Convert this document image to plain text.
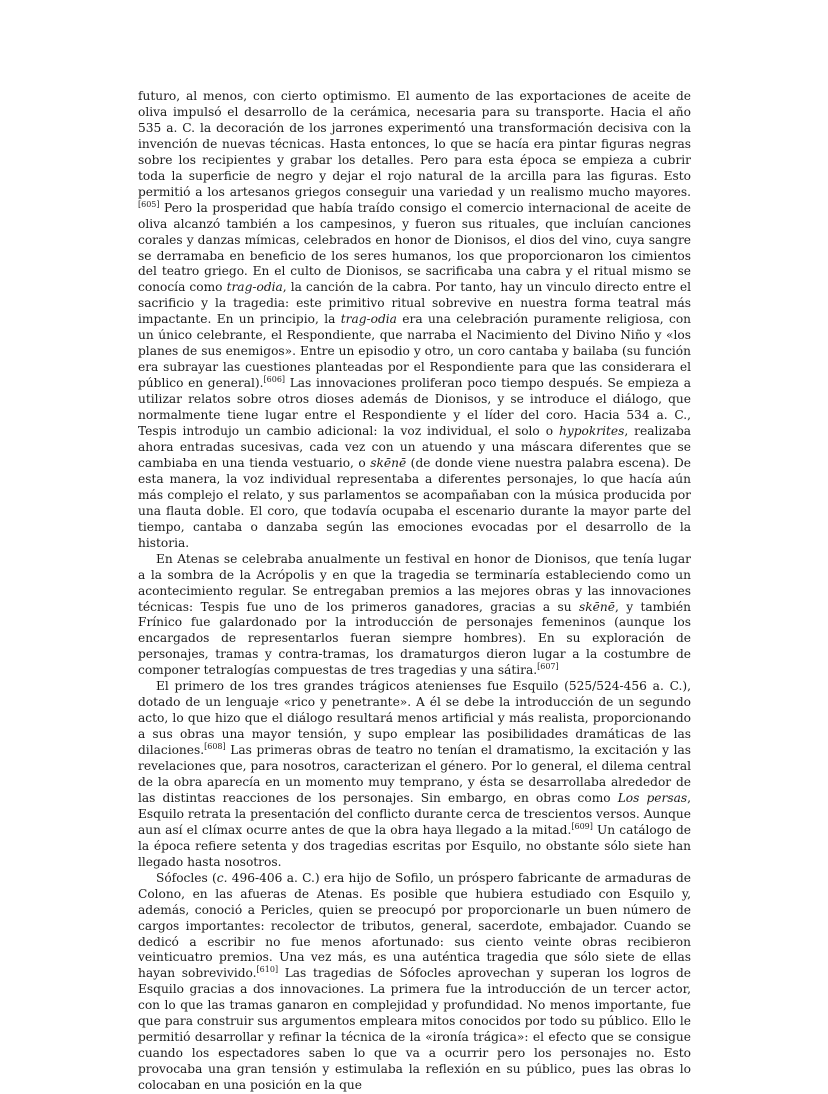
futuro, al menos, con cierto optimismo. El aumento de las exportaciones de aceite de oliva impulsó el desarrollo de la cerámica, necesaria para su transporte. Hacia el año 535 a. C. la decoración de los jarrones experimentó una transformación decisiva con la invención de nuevas técnicas. Hasta entonces, lo que se hacía era pintar figuras negras sobre los recipientes y grabar los detalles. Pero para esta época se empieza a cubrir toda la superficie de negro y dejar el rojo natural de la arcilla para las figuras. Esto permitió a los artesanos griegos conseguir una variedad y un realismo mucho mayores.[605] Pero la prosperidad que había traído consigo el comercio internacional de aceite de oliva alcanzó también a los campesinos, y fueron sus rituales, que incluían canciones corales y danzas mímicas, celebrados en honor de Dionisos, el dios del vino, cuya sangre se derramaba en beneficio de los seres humanos, los que proporcionaron los cimientos del teatro griego. En el culto de Dionisos, se sacrificaba una cabra y el ritual mismo se conocía como trag-odia, la canción de la cabra. Por tanto, hay un vinculo directo entre el sacrificio y la tragedia: este primitivo ritual sobrevive en nuestra forma teatral más impactante. En un principio, la trag-odia era una celebración puramente religiosa, con un único celebrante, el Respondiente, que narraba el Nacimiento del Divino Niño y «los planes de sus enemigos». Entre un episodio y otro, un coro cantaba y bailaba (su función era subrayar las cuestiones planteadas por el Respondiente para que las considerara el público en general).[606] Las innovaciones proliferan poco tiempo después. Se empieza a utilizar relatos sobre otros dioses además de Dionisos, y se introduce el diálogo, que normalmente tiene lugar entre el Respondiente y el líder del coro. Hacia 534 a. C., Tespis introdujo un cambio adicional: la voz individual, el solo o hypokrites, realizaba ahora entradas sucesivas, cada vez con un atuendo y una máscara diferentes que se cambiaba en una tienda vestuario, o skēnē (de donde viene nuestra palabra escena). De esta manera, la voz individual representaba a diferentes personajes, lo que hacía aún más complejo el relato, y sus parlamentos se acompañaban con la música producida por una flauta doble. El coro, que todavía ocupaba el escenario durante la mayor parte del tiempo, cantaba o danzaba según las emociones evocadas por el desarrollo de la historia.

En Atenas se celebraba anualmente un festival en honor de Dionisos, que tenía lugar a la sombra de la Acrópolis y en que la tragedia se terminaría estableciendo como un acontecimiento regular. Se entregaban premios a las mejores obras y las innovaciones técnicas: Tespis fue uno de los primeros ganadores, gracias a su skēnē, y también Frínico fue galardonado por la introducción de personajes femeninos (aunque los encargados de representarlos fueran siempre hombres). En su exploración de personajes, tramas y contra-tramas, los dramaturgos dieron lugar a la costumbre de componer tetralogías compuestas de tres tragedias y una sátira.[607]

El primero de los tres grandes trágicos atenienses fue Esquilo (525/524-456 a. C.), dotado de un lenguaje «rico y penetrante». A él se debe la introducción de un segundo acto, lo que hizo que el diálogo resultará menos artificial y más realista, proporcionando a sus obras una mayor tensión, y supo emplear las posibilidades dramáticas de las dilaciones.[608] Las primeras obras de teatro no tenían el dramatismo, la excitación y las revelaciones que, para nosotros, caracterizan el género. Por lo general, el dilema central de la obra aparecía en un momento muy temprano, y ésta se desarrollaba alrededor de las distintas reacciones de los personajes. Sin embargo, en obras como Los persas, Esquilo retrata la presentación del conflicto durante cerca de trescientos versos. Aunque aun así el clímax ocurre antes de que la obra haya llegado a la mitad.[609] Un catálogo de la época refiere setenta y dos tragedias escritas por Esquilo, no obstante sólo siete han llegado hasta nosotros.

Sófocles (c. 496-406 a. C.) era hijo de Sofilo, un próspero fabricante de armaduras de Colono, en las afueras de Atenas. Es posible que hubiera estudiado con Esquilo y, además, conoció a Pericles, quien se preocupó por proporcionarle un buen número de cargos importantes: recolector de tributos, general, sacerdote, embajador. Cuando se dedicó a escribir no fue menos afortunado: sus ciento veinte obras recibieron veinticuatro premios. Una vez más, es una auténtica tragedia que sólo siete de ellas hayan sobrevivido.[610] Las tragedias de Sófocles aprovechan y superan los logros de Esquilo gracias a dos innovaciones. La primera fue la introducción de un tercer actor, con lo que las tramas ganaron en complejidad y profundidad. No menos importante, fue que para construir sus argumentos empleara mitos conocidos por todo su público. Ello le permitió desarrollar y refinar la técnica de la «ironía trágica»: el efecto que se consigue cuando los espectadores saben lo que va a ocurrir pero los personajes no. Esto provocaba una gran tensión y estimulaba la reflexión en su público, pues las obras lo colocaban en una posición en la que
